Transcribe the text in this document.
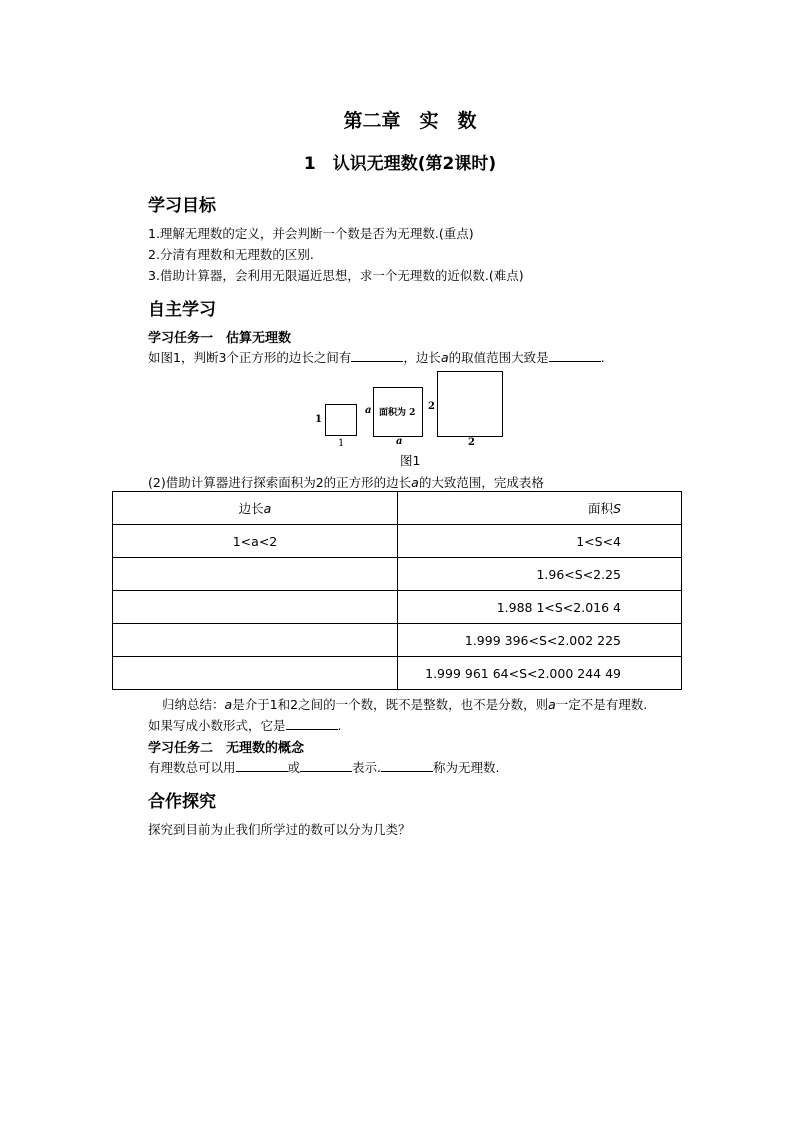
第二章　实　数
1　认识无理数(第2课时)
学习目标
1.理解无理数的定义，并会判断一个数是否为无理数.(重点)
2.分清有理数和无理数的区别.
3.借助计算器，会利用无限逼近思想，求一个无理数的近似数.(难点)
自主学习
学习任务一　估算无理数
如图1，判断3个正方形的边长之间有	，边长a的取值范围大致是	.
1
1
a 面积为 2
a
2
2
图1
(2)借助计算器进行探索面积为2的正方形的边长a的大致范围，完成表格
边长a	面积S
1<a<2	1<S<4
	1.96<S<2.25
	1.988 1<S<2.016 4
	1.999 396<S<2.002 225
	1.999 961 64<S<2.000 244 49
归纳总结：a是介于1和2之间的一个数，既不是整数，也不是分数，则a一定不是有理数.
如果写成小数形式，它是	.
学习任务二　无理数的概念
有理数总可以用	或	表示.	称为无理数.
合作探究
探究到目前为止我们所学过的数可以分为几类？
